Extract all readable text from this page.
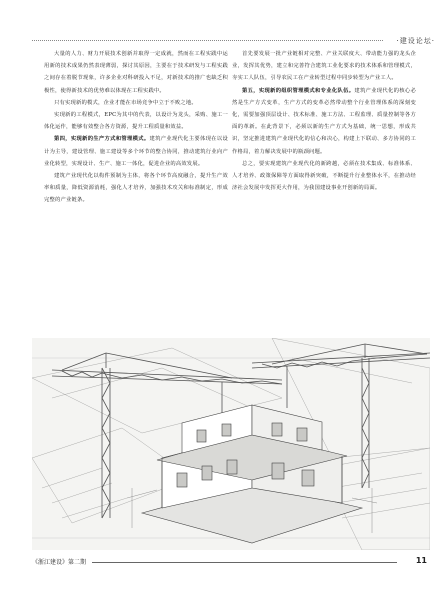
·建设论坛·

大量的人力、财力开展技术创新并取得一定成就，然而在工程实践中运用新的技术成果仍然表现薄弱，探讨其原因，主要在于技术研发与工程实践之间存在着脱节现象，许多企业对科研投入不足，对新技术的推广也缺乏积极性，使得新技术的优势难以体现在工程实践中。

只有实现新的模式，企业才能在市场竞争中立于不败之地。

实现新的工程模式，EPC为其中的代表，以设计为龙头，采购、施工一体化运作，能够有效整合各方资源，提升工程质量和效益。

第四，实现新的生产方式和管理模式。建筑产业现代化主要体现在以设计为主导，建设管理、施工建设等多个环节的整合协同，推动建筑行业向产业化转型，实现设计、生产、施工一体化，促进企业的高效发展。

建筑产业现代化以构件预制为主体，将各个环节高度融合，提升生产效率和质量，降低资源消耗，强化人才培养，加强技术攻关和标准制定，形成完整的产业链条。

首先要发展一批产业链相对完整、产业关联度大、带动能力强的龙头企业，发挥其优势，建立和完善符合建筑工业化要求的技术体系和管理模式，夯实工人队伍，引导农民工在产业转型过程中同步转型为产业工人。

第五，实现新的组织管理模式和专业化队伍。建筑产业现代化的核心必然是生产方式变革，生产方式的变革必然带动整个行业管理体系的深刻变化，需要加强顶层设计、技术标准、施工方法、工程监理、质量控制等各方面的革新。在此背景下，必须以新的生产方式为基础，统一思想，形成共识，坚定推进建筑产业现代化的信心和决心，构建上下联动、多方协同的工作格局，着力解决发展中的瓶颈问题。

总之，要实现建筑产业现代化的新跨越，必须在技术集成、标准体系、人才培养、政策保障等方面取得新突破，不断提升行业整体水平，在推动经济社会发展中发挥更大作用，为我国建设事业开创新的局面。

《浙江建设》第二期	11
